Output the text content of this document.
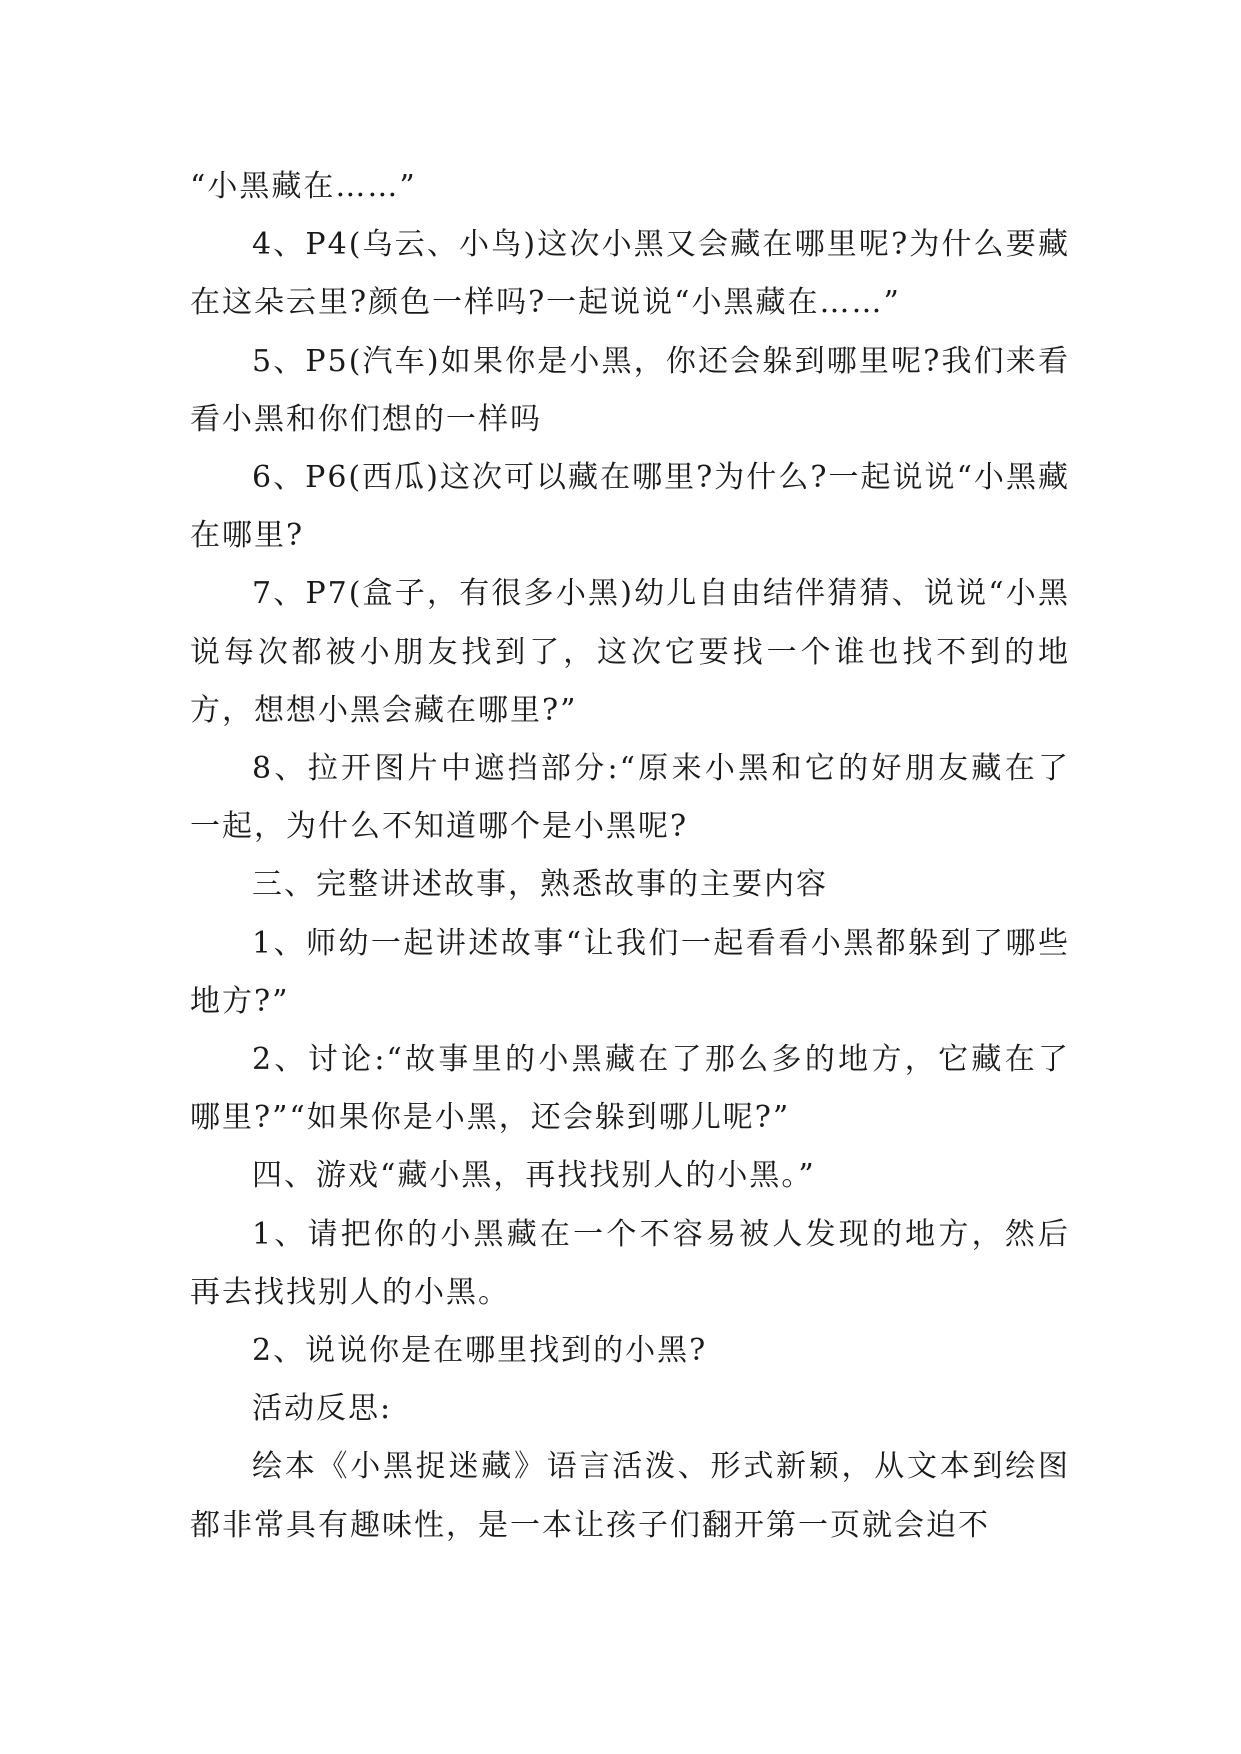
“小黑藏在……”

4、P4(乌云、小鸟)这次小黑又会藏在哪里呢?为什么要藏在这朵云里?颜色一样吗?一起说说“小黑藏在……”

5、P5(汽车)如果你是小黑，你还会躲到哪里呢?我们来看看小黑和你们想的一样吗

6、P6(西瓜)这次可以藏在哪里?为什么?一起说说“小黑藏在哪里?

7、P7(盒子，有很多小黑)幼儿自由结伴猜猜、说说“小黑说每次都被小朋友找到了，这次它要找一个谁也找不到的地方，想想小黑会藏在哪里?”

8、拉开图片中遮挡部分:“原来小黑和它的好朋友藏在了一起，为什么不知道哪个是小黑呢?

三、完整讲述故事，熟悉故事的主要内容

1、师幼一起讲述故事“让我们一起看看小黑都躲到了哪些地方?”

2、讨论:“故事里的小黑藏在了那么多的地方，它藏在了哪里?”“如果你是小黑，还会躲到哪儿呢?”

四、游戏“藏小黑，再找找别人的小黑。”

1、请把你的小黑藏在一个不容易被人发现的地方，然后再去找找别人的小黑。

2、说说你是在哪里找到的小黑?

活动反思:

绘本《小黑捉迷藏》语言活泼、形式新颖，从文本到绘图都非常具有趣味性，是一本让孩子们翻开第一页就会迫不
